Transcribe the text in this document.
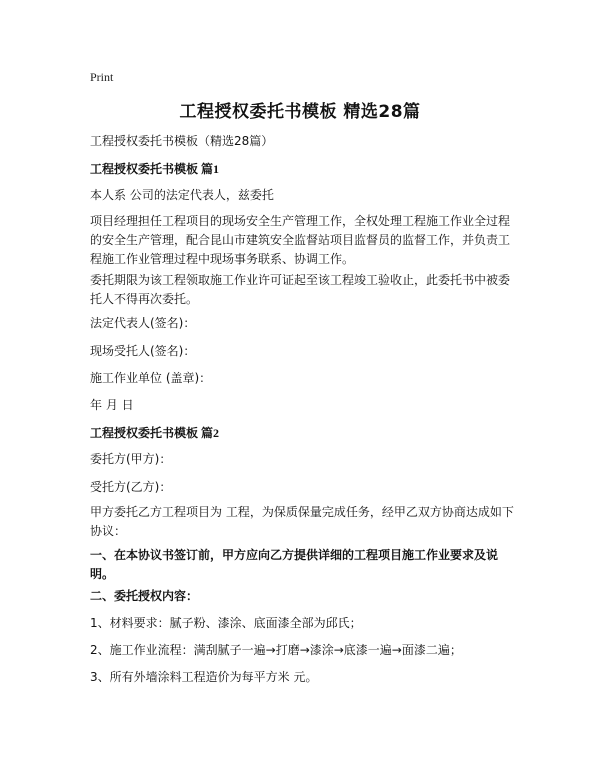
Print
工程授权委托书模板 精选28篇
工程授权委托书模板（精选28篇）
工程授权委托书模板 篇1
本人系 公司的法定代表人，兹委托
项目经理担任工程项目的现场安全生产管理工作，全权处理工程施工作业全过程的安全生产管理，配合昆山市建筑安全监督站项目监督员的监督工作，并负责工程施工作业管理过程中现场事务联系、协调工作。
委托期限为该工程领取施工作业许可证起至该工程竣工验收止，此委托书中被委托人不得再次委托。
法定代表人(签名)：
现场受托人(签名)：
施工作业单位 (盖章)：
年 月 日
工程授权委托书模板 篇2
委托方(甲方)：
受托方(乙方)：
甲方委托乙方工程项目为 工程，为保质保量完成任务，经甲乙双方协商达成如下协议：
一、在本协议书签订前，甲方应向乙方提供详细的工程项目施工作业要求及说明。
二、委托授权内容：
1、材料要求：腻子粉、漆涂、底面漆全部为邱氏；
2、施工作业流程：满刮腻子一遍→打磨→漆涂→底漆一遍→面漆二遍；
3、所有外墙涂料工程造价为每平方米 元。
